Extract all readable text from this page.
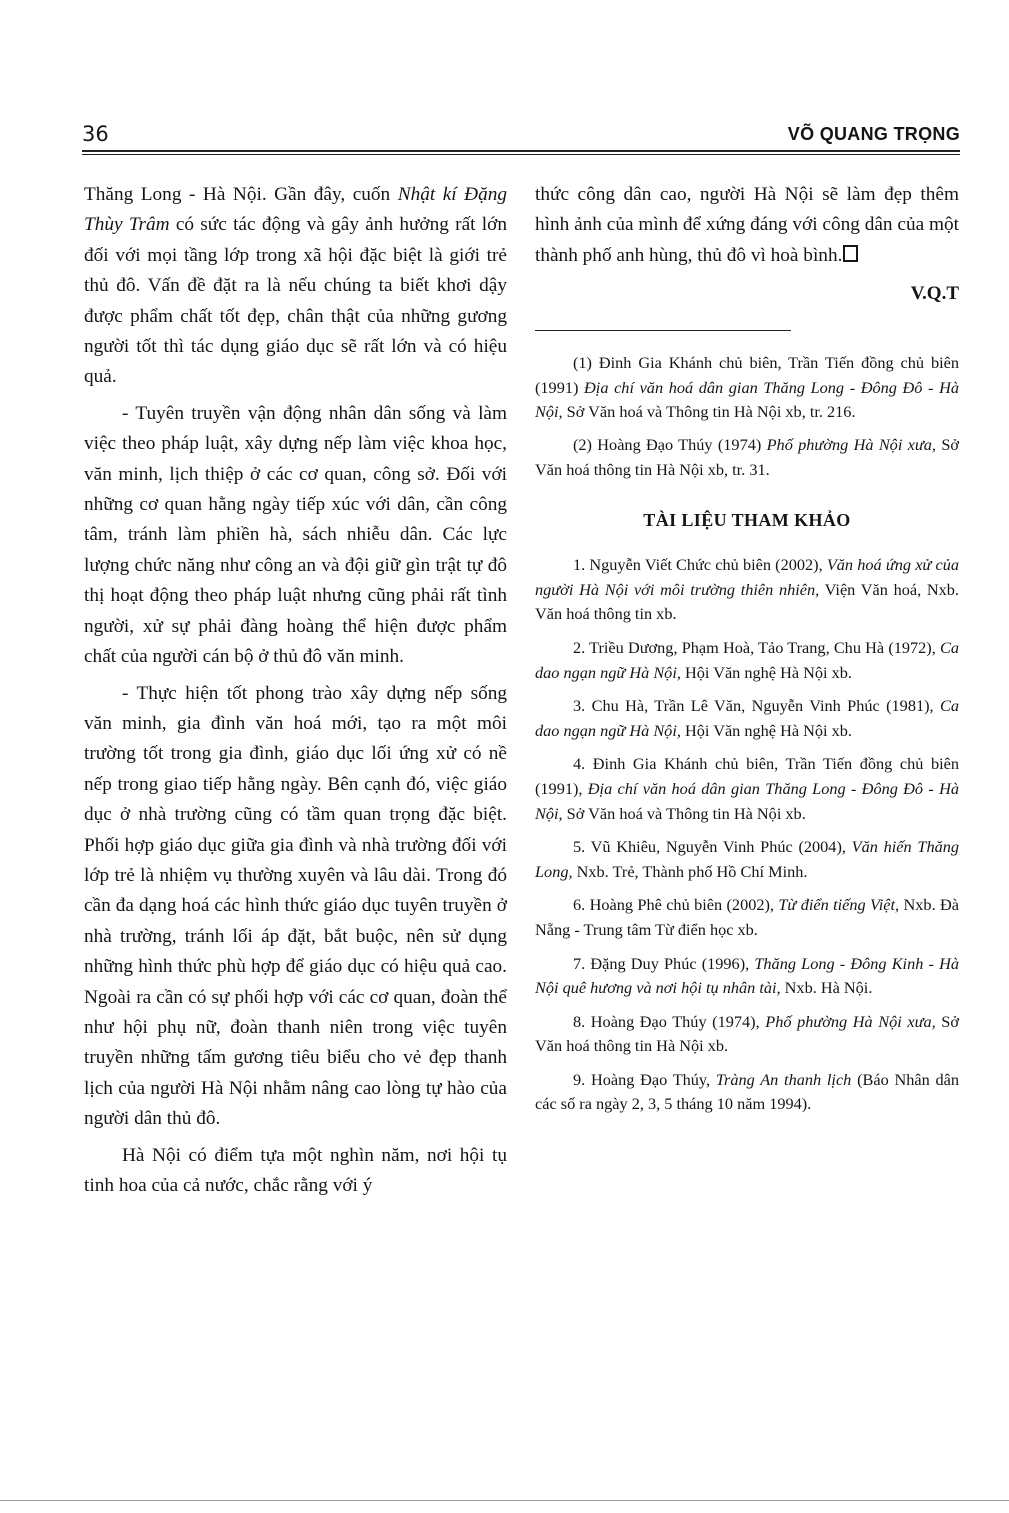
36	VÕ QUANG TRỌNG

Thăng Long - Hà Nội. Gần đây, cuốn Nhật kí Đặng Thùy Trâm có sức tác động và gây ảnh hưởng rất lớn đối với mọi tầng lớp trong xã hội đặc biệt là giới trẻ thủ đô. Vấn đề đặt ra là nếu chúng ta biết khơi dậy được phẩm chất tốt đẹp, chân thật của những gương người tốt thì tác dụng giáo dục sẽ rất lớn và có hiệu quả.

- Tuyên truyền vận động nhân dân sống và làm việc theo pháp luật, xây dựng nếp làm việc khoa học, văn minh, lịch thiệp ở các cơ quan, công sở. Đối với những cơ quan hằng ngày tiếp xúc với dân, cần công tâm, tránh làm phiền hà, sách nhiễu dân. Các lực lượng chức năng như công an và đội giữ gìn trật tự đô thị hoạt động theo pháp luật nhưng cũng phải rất tình người, xử sự phải đàng hoàng thể hiện được phẩm chất của người cán bộ ở thủ đô văn minh.

- Thực hiện tốt phong trào xây dựng nếp sống văn minh, gia đình văn hoá mới, tạo ra một môi trường tốt trong gia đình, giáo dục lối ứng xử có nề nếp trong giao tiếp hằng ngày. Bên cạnh đó, việc giáo dục ở nhà trường cũng có tầm quan trọng đặc biệt. Phối hợp giáo dục giữa gia đình và nhà trường đối với lớp trẻ là nhiệm vụ thường xuyên và lâu dài. Trong đó cần đa dạng hoá các hình thức giáo dục tuyên truyền ở nhà trường, tránh lối áp đặt, bắt buộc, nên sử dụng những hình thức phù hợp để giáo dục có hiệu quả cao. Ngoài ra cần có sự phối hợp với các cơ quan, đoàn thể như hội phụ nữ, đoàn thanh niên trong việc tuyên truyền những tấm gương tiêu biểu cho vẻ đẹp thanh lịch của người Hà Nội nhằm nâng cao lòng tự hào của người dân thủ đô.

Hà Nội có điểm tựa một nghìn năm, nơi hội tụ tinh hoa của cả nước, chắc rằng với ý

thức công dân cao, người Hà Nội sẽ làm đẹp thêm hình ảnh của mình để xứng đáng với công dân của một thành phố anh hùng, thủ đô vì hoà bình.

V.Q.T

(1) Đinh Gia Khánh chủ biên, Trần Tiến đồng chủ biên (1991) Địa chí văn hoá dân gian Thăng Long - Đông Đô - Hà Nội, Sở Văn hoá và Thông tin Hà Nội xb, tr. 216.

(2) Hoàng Đạo Thúy (1974) Phố phường Hà Nội xưa, Sở Văn hoá thông tin Hà Nội xb, tr. 31.

TÀI LIỆU THAM KHẢO

1. Nguyễn Viết Chức chủ biên (2002), Văn hoá ứng xử của người Hà Nội với môi trường thiên nhiên, Viện Văn hoá, Nxb. Văn hoá thông tin xb.

2. Triều Dương, Phạm Hoà, Tảo Trang, Chu Hà (1972), Ca dao ngạn ngữ Hà Nội, Hội Văn nghệ Hà Nội xb.

3. Chu Hà, Trần Lê Văn, Nguyễn Vinh Phúc (1981), Ca dao ngạn ngữ Hà Nội, Hội Văn nghệ Hà Nội xb.

4. Đinh Gia Khánh chủ biên, Trần Tiến đồng chủ biên (1991), Địa chí văn hoá dân gian Thăng Long - Đông Đô - Hà Nội, Sở Văn hoá và Thông tin Hà Nội xb.

5. Vũ Khiêu, Nguyễn Vinh Phúc (2004), Văn hiến Thăng Long, Nxb. Trẻ, Thành phố Hồ Chí Minh.

6. Hoàng Phê chủ biên (2002), Từ điển tiếng Việt, Nxb. Đà Nẵng - Trung tâm Từ điển học xb.

7. Đặng Duy Phúc (1996), Thăng Long - Đông Kinh - Hà Nội quê hương và nơi hội tụ nhân tài, Nxb. Hà Nội.

8. Hoàng Đạo Thúy (1974), Phố phường Hà Nội xưa, Sở Văn hoá thông tin Hà Nội xb.

9. Hoàng Đạo Thúy, Tràng An thanh lịch (Báo Nhân dân các số ra ngày 2, 3, 5 tháng 10 năm 1994).
